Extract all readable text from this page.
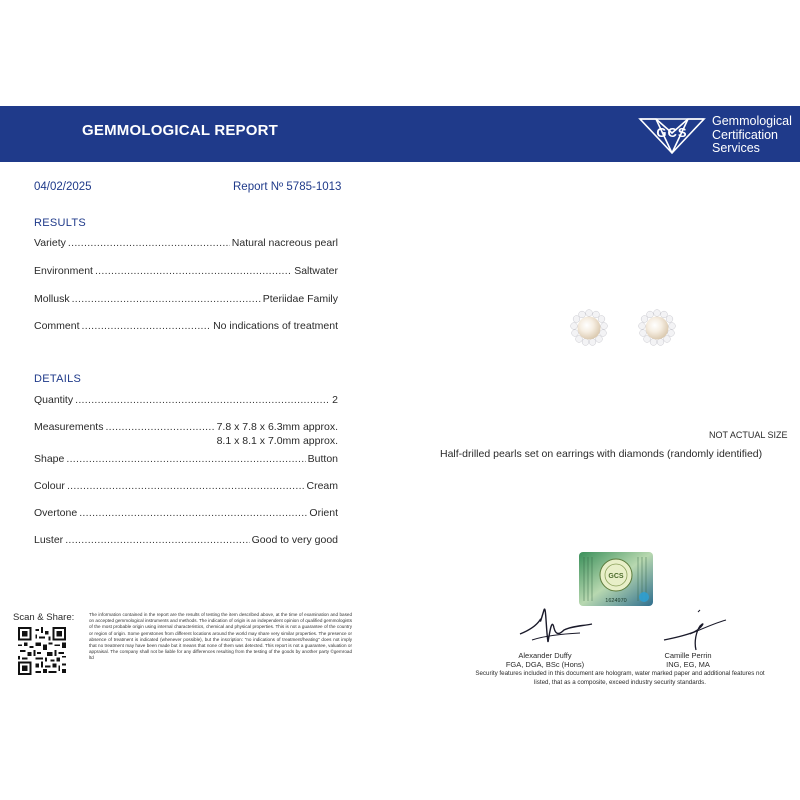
GEMMOLOGICAL REPORT	GCS
Gemmological
Certification
Services
04/02/2025	Report Nº 5785-1013
RESULTS
Variety .....	Natural nacreous pearl
Environment .....	Saltwater
Mollusk .....	Pteriidae Family
Comment .....	No indications of treatment
DETAILS
Quantity .....	2
Measurements .....	7.8 x 7.8 x 6.3mm approx.
8.1 x 8.1 x 7.0mm approx.
Shape .....	Button
Colour .....	Cream
Overtone .....	Orient
Luster .....	Good to very good
Scan & Share:	The information contained in the report are the results of testing the item described above, at the time of examination and based on accepted gemmological instruments and methods. The indication of origin is an independent opinion of qualified gemmologists of the most probable origin using internal characteristics, chemical and physical properties. This is not a guarantee of the country or region of origin. Some gemstones from different locations around the world may share very similar properties. The presence or absence of treatment is indicated (whenever possible), but the inscription: "no indications of treatment/heating" does not imply that no treatment may have been made but it means that none of them was detected. This report is not a guarantee, valuation or appraisal. The company shall not be liable for any differences resulting from the testing of the goods by another party ©gemroad ltd
NOT ACTUAL SIZE
Half-drilled pearls set on earrings with diamonds (randomly identified)
GCS
1624970
Alexander Duffy
FGA, DGA, BSc (Hons)
Camille Perrin
ING, EG, MA
Security features included in this document are hologram, water marked paper and additional features not listed, that as a composite, exceed industry security standards.
